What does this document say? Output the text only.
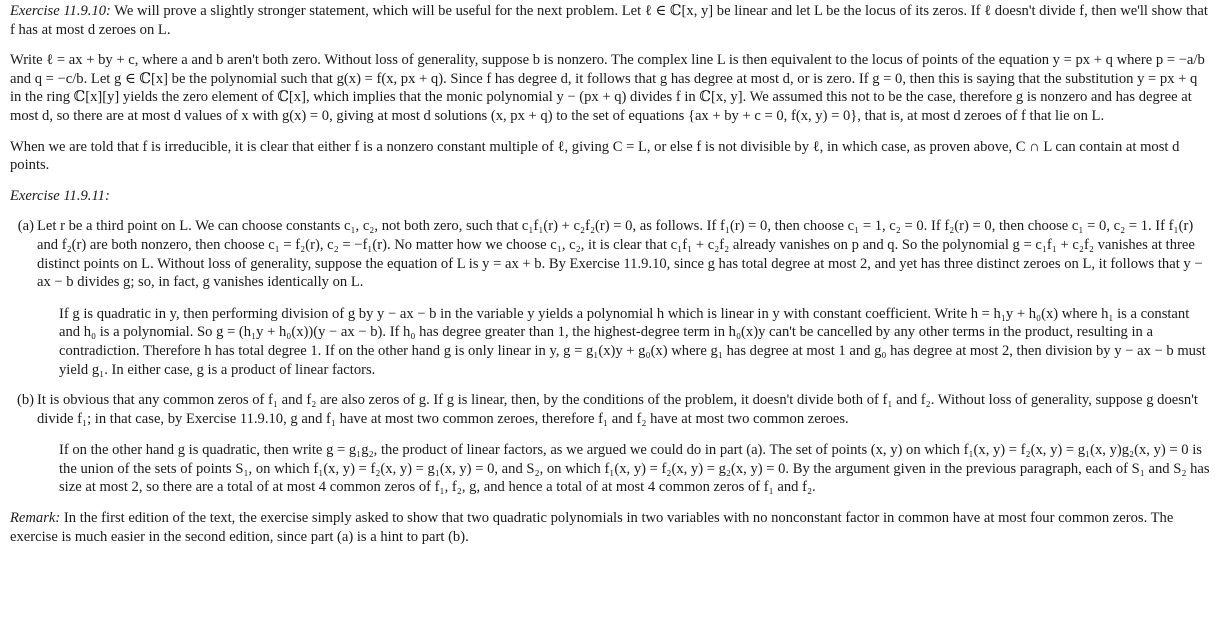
Exercise 11.9.10: We will prove a slightly stronger statement, which will be useful for the next problem. Let ℓ ∈ ℂ[x, y] be linear and let L be the locus of its zeros. If ℓ doesn't divide f, then we'll show that f has at most d zeroes on L.

Write ℓ = ax + by + c, where a and b aren't both zero. Without loss of generality, suppose b is nonzero. The complex line L is then equivalent to the locus of points of the equation y = px + q where p = −a/b and q = −c/b. Let g ∈ ℂ[x] be the polynomial such that g(x) = f(x, px + q). Since f has degree d, it follows that g has degree at most d, or is zero. If g = 0, then this is saying that the substitution y = px + q in the ring ℂ[x][y] yields the zero element of ℂ[x], which implies that the monic polynomial y − (px + q) divides f in ℂ[x, y]. We assumed this not to be the case, therefore g is nonzero and has degree at most d, so there are at most d values of x with g(x) = 0, giving at most d solutions (x, px + q) to the set of equations {ax + by + c = 0, f(x, y) = 0}, that is, at most d zeroes of f that lie on L.

When we are told that f is irreducible, it is clear that either f is a nonzero constant multiple of ℓ, giving C = L, or else f is not divisible by ℓ, in which case, as proven above, C ∩ L can contain at most d points.

Exercise 11.9.11:

(a) Let r be a third point on L. We can choose constants c₁, c₂, not both zero, such that c₁f₁(r) + c₂f₂(r) = 0, as follows. If f₁(r) = 0, then choose c₁ = 1, c₂ = 0. If f₂(r) = 0, then choose c₁ = 0, c₂ = 1. If f₁(r) and f₂(r) are both nonzero, then choose c₁ = f₂(r), c₂ = −f₁(r). No matter how we choose c₁, c₂, it is clear that c₁f₁ + c₂f₂ already vanishes on p and q. So the polynomial g = c₁f₁ + c₂f₂ vanishes at three distinct points on L. Without loss of generality, suppose the equation of L is y = ax + b. By Exercise 11.9.10, since g has total degree at most 2, and yet has three distinct zeroes on L, it follows that y − ax − b divides g; so, in fact, g vanishes identically on L.

If g is quadratic in y, then performing division of g by y − ax − b in the variable y yields a polynomial h which is linear in y with constant coefficient. Write h = h₁y + h₀(x) where h₁ is a constant and h₀ is a polynomial. So g = (h₁y + h₀(x))(y − ax − b). If h₀ has degree greater than 1, the highest-degree term in h₀(x)y can't be cancelled by any other terms in the product, resulting in a contradiction. Therefore h has total degree 1. If on the other hand g is only linear in y, g = g₁(x)y + g₀(x) where g₁ has degree at most 1 and g₀ has degree at most 2, then division by y − ax − b must yield g₁. In either case, g is a product of linear factors.

(b) It is obvious that any common zeros of f₁ and f₂ are also zeros of g. If g is linear, then, by the conditions of the problem, it doesn't divide both of f₁ and f₂. Without loss of generality, suppose g doesn't divide f₁; in that case, by Exercise 11.9.10, g and f₁ have at most two common zeroes, therefore f₁ and f₂ have at most two common zeroes.

If on the other hand g is quadratic, then write g = g₁g₂, the product of linear factors, as we argued we could do in part (a). The set of points (x, y) on which f₁(x, y) = f₂(x, y) = g₁(x, y)g₂(x, y) = 0 is the union of the sets of points S₁, on which f₁(x, y) = f₂(x, y) = g₁(x, y) = 0, and S₂, on which f₁(x, y) = f₂(x, y) = g₂(x, y) = 0. By the argument given in the previous paragraph, each of S₁ and S₂ has size at most 2, so there are a total of at most 4 common zeros of f₁, f₂, g, and hence a total of at most 4 common zeros of f₁ and f₂.

Remark: In the first edition of the text, the exercise simply asked to show that two quadratic polynomials in two variables with no nonconstant factor in common have at most four common zeros. The exercise is much easier in the second edition, since part (a) is a hint to part (b).
